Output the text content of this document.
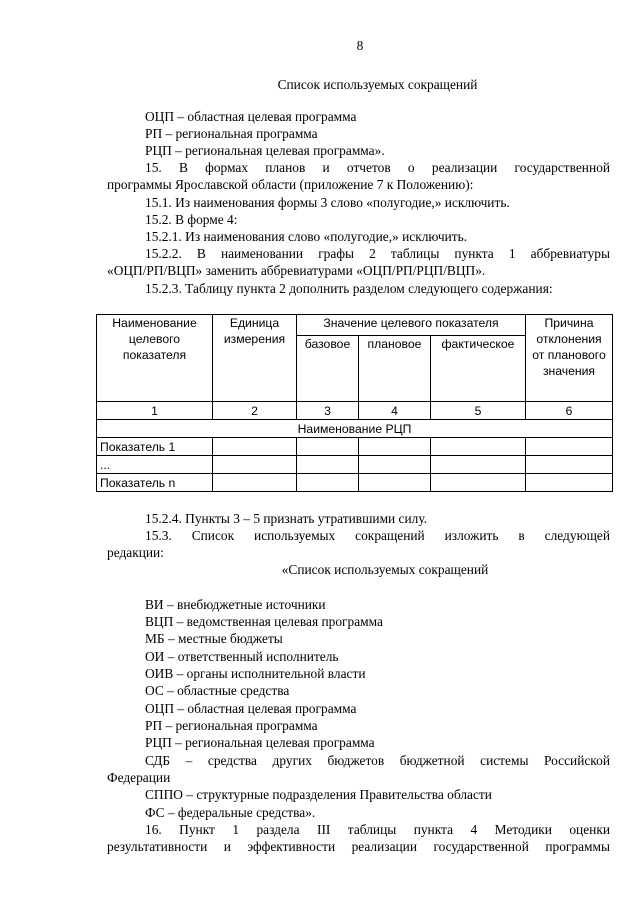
8
Список используемых сокращений
ОЦП – областная целевая программа
РП – региональная программа
РЦП – региональная целевая программа».
15. В формах планов и отчетов о реализации государственной
программы Ярославской области (приложение 7 к Положению):
15.1. Из наименования формы 3 слово «полугодие,» исключить.
15.2. В форме 4:
15.2.1. Из наименования слово «полугодие,» исключить.
15.2.2. В наименовании графы 2 таблицы пункта 1 аббревиатуры
«ОЦП/РП/ВЦП» заменить аббревиатурами «ОЦП/РП/РЦП/ВЦП».
15.2.3. Таблицу пункта 2 дополнить разделом следующего содержания:
Наименование целевого показателя	Единица измерения	Значение целевого показателя			Причина отклонения от планового значения
		базовое	плановое	фактическое	
1	2	3	4	5	6
Наименование РЦП					
Показатель 1					
...					
Показатель n					
15.2.4. Пункты 3 – 5 признать утратившими силу.
15.3. Список используемых сокращений изложить в следующей
редакции:
«Список используемых сокращений
ВИ – внебюджетные источники
ВЦП – ведомственная целевая программа
МБ – местные бюджеты
ОИ – ответственный исполнитель
ОИВ – органы исполнительной власти
ОС – областные средства
ОЦП – областная целевая программа
РП – региональная программа
РЦП – региональная целевая программа
СДБ – средства других бюджетов бюджетной системы Российской
Федерации
СППО – структурные подразделения Правительства области
ФС – федеральные средства».
16. Пункт 1 раздела III таблицы пункта 4 Методики оценки
результативности и эффективности реализации государственной программы
